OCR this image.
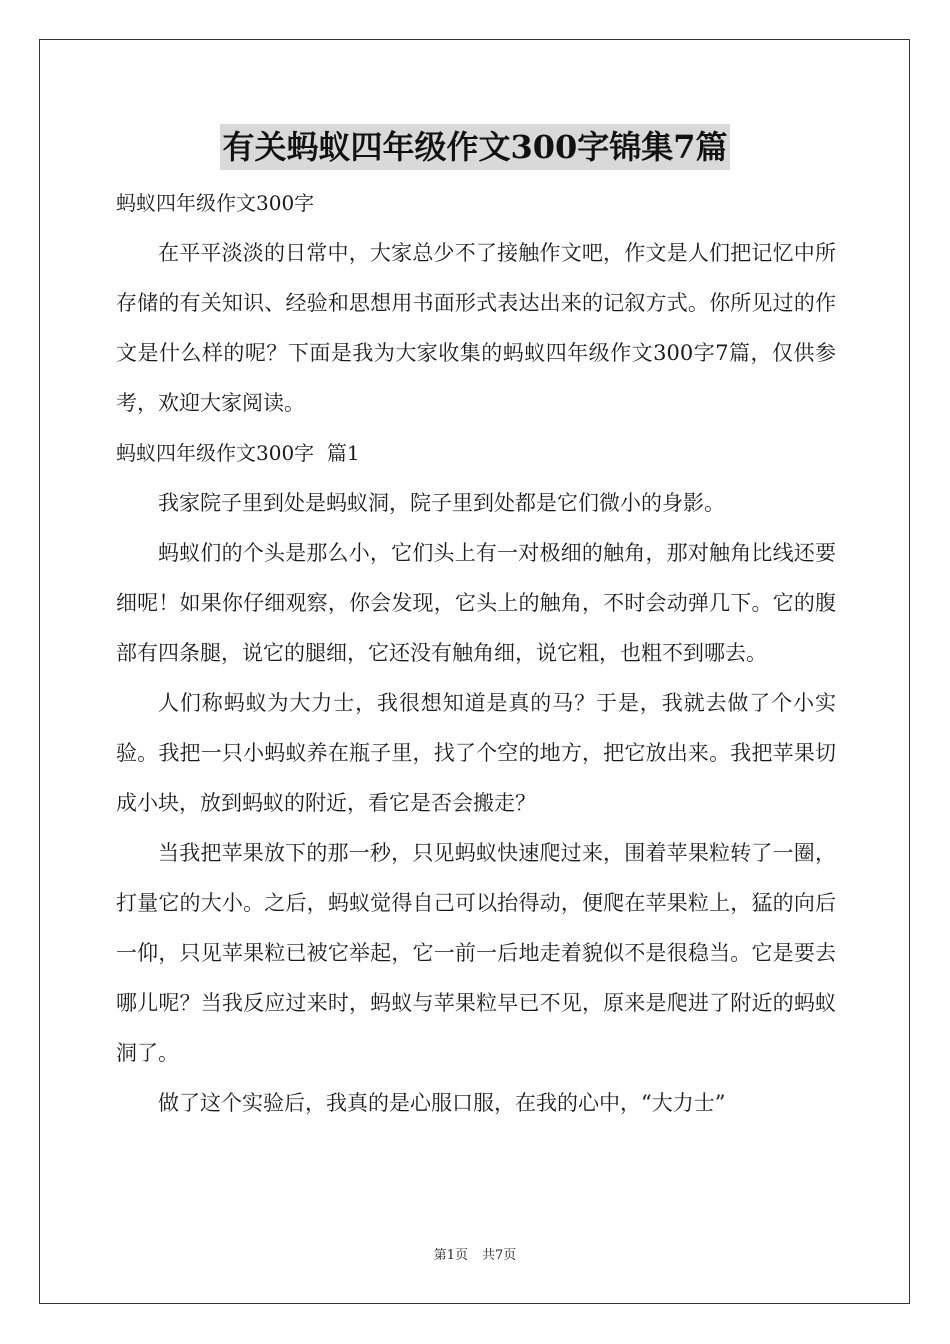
有关蚂蚁四年级作文300字锦集7篇

蚂蚁四年级作文300字

在平平淡淡的日常中，大家总少不了接触作文吧，作文是人们把记忆中所存储的有关知识、经验和思想用书面形式表达出来的记叙方式。你所见过的作文是什么样的呢？下面是我为大家收集的蚂蚁四年级作文300字7篇，仅供参考，欢迎大家阅读。

蚂蚁四年级作文300字  篇1

我家院子里到处是蚂蚁洞，院子里到处都是它们微小的身影。

蚂蚁们的个头是那么小，它们头上有一对极细的触角，那对触角比线还要细呢！如果你仔细观察，你会发现，它头上的触角，不时会动弹几下。它的腹部有四条腿，说它的腿细，它还没有触角细，说它粗，也粗不到哪去。

人们称蚂蚁为大力士，我很想知道是真的马？于是，我就去做了个小实验。我把一只小蚂蚁养在瓶子里，找了个空的地方，把它放出来。我把苹果切成小块，放到蚂蚁的附近，看它是否会搬走？

当我把苹果放下的那一秒，只见蚂蚁快速爬过来，围着苹果粒转了一圈，打量它的大小。之后，蚂蚁觉得自己可以抬得动，便爬在苹果粒上，猛的向后一仰，只见苹果粒已被它举起，它一前一后地走着貌似不是很稳当。它是要去哪儿呢？当我反应过来时，蚂蚁与苹果粒早已不见，原来是爬进了附近的蚂蚁洞了。

做了这个实验后，我真的是心服口服，在我的心中，“大力士”

第1页 共7页
